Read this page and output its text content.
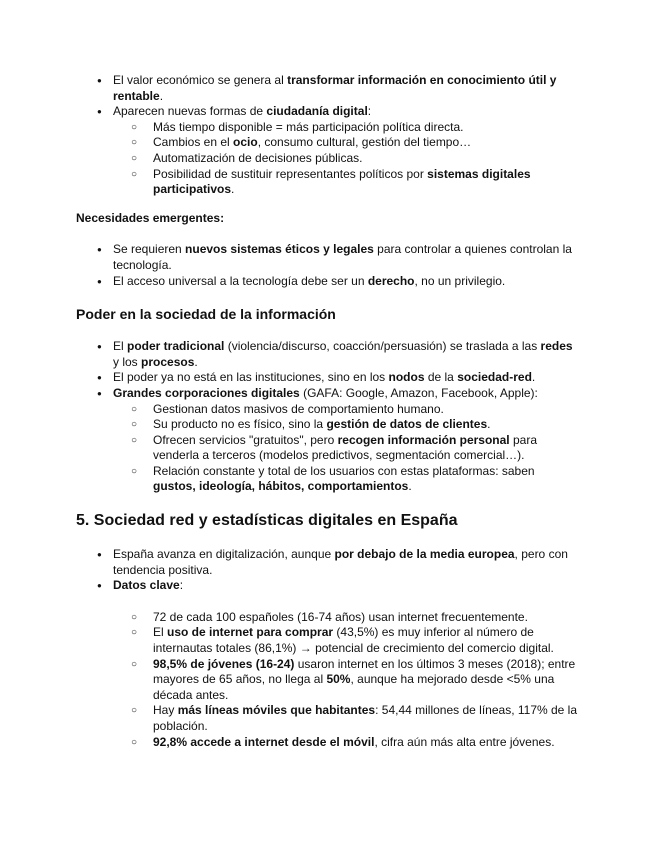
● El valor económico se genera al transformar información en conocimiento útil y rentable.
● Aparecen nuevas formas de ciudadanía digital:
○ Más tiempo disponible = más participación política directa.
○ Cambios en el ocio, consumo cultural, gestión del tiempo…
○ Automatización de decisiones públicas.
○ Posibilidad de sustituir representantes políticos por sistemas digitales participativos.
Necesidades emergentes:
● Se requieren nuevos sistemas éticos y legales para controlar a quienes controlan la tecnología.
● El acceso universal a la tecnología debe ser un derecho, no un privilegio.
Poder en la sociedad de la información
● El poder tradicional (violencia/discurso, coacción/persuasión) se traslada a las redes y los procesos.
● El poder ya no está en las instituciones, sino en los nodos de la sociedad-red.
● Grandes corporaciones digitales (GAFA: Google, Amazon, Facebook, Apple):
○ Gestionan datos masivos de comportamiento humano.
○ Su producto no es físico, sino la gestión de datos de clientes.
○ Ofrecen servicios "gratuitos", pero recogen información personal para venderla a terceros (modelos predictivos, segmentación comercial…).
○ Relación constante y total de los usuarios con estas plataformas: saben gustos, ideología, hábitos, comportamientos.
5. Sociedad red y estadísticas digitales en España
● España avanza en digitalización, aunque por debajo de la media europea, pero con tendencia positiva.
● Datos clave:
○ 72 de cada 100 españoles (16-74 años) usan internet frecuentemente.
○ El uso de internet para comprar (43,5%) es muy inferior al número de internautas totales (86,1%) → potencial de crecimiento del comercio digital.
○ 98,5% de jóvenes (16-24) usaron internet en los últimos 3 meses (2018); entre mayores de 65 años, no llega al 50%, aunque ha mejorado desde <5% una década antes.
○ Hay más líneas móviles que habitantes: 54,44 millones de líneas, 117% de la población.
○ 92,8% accede a internet desde el móvil, cifra aún más alta entre jóvenes.
